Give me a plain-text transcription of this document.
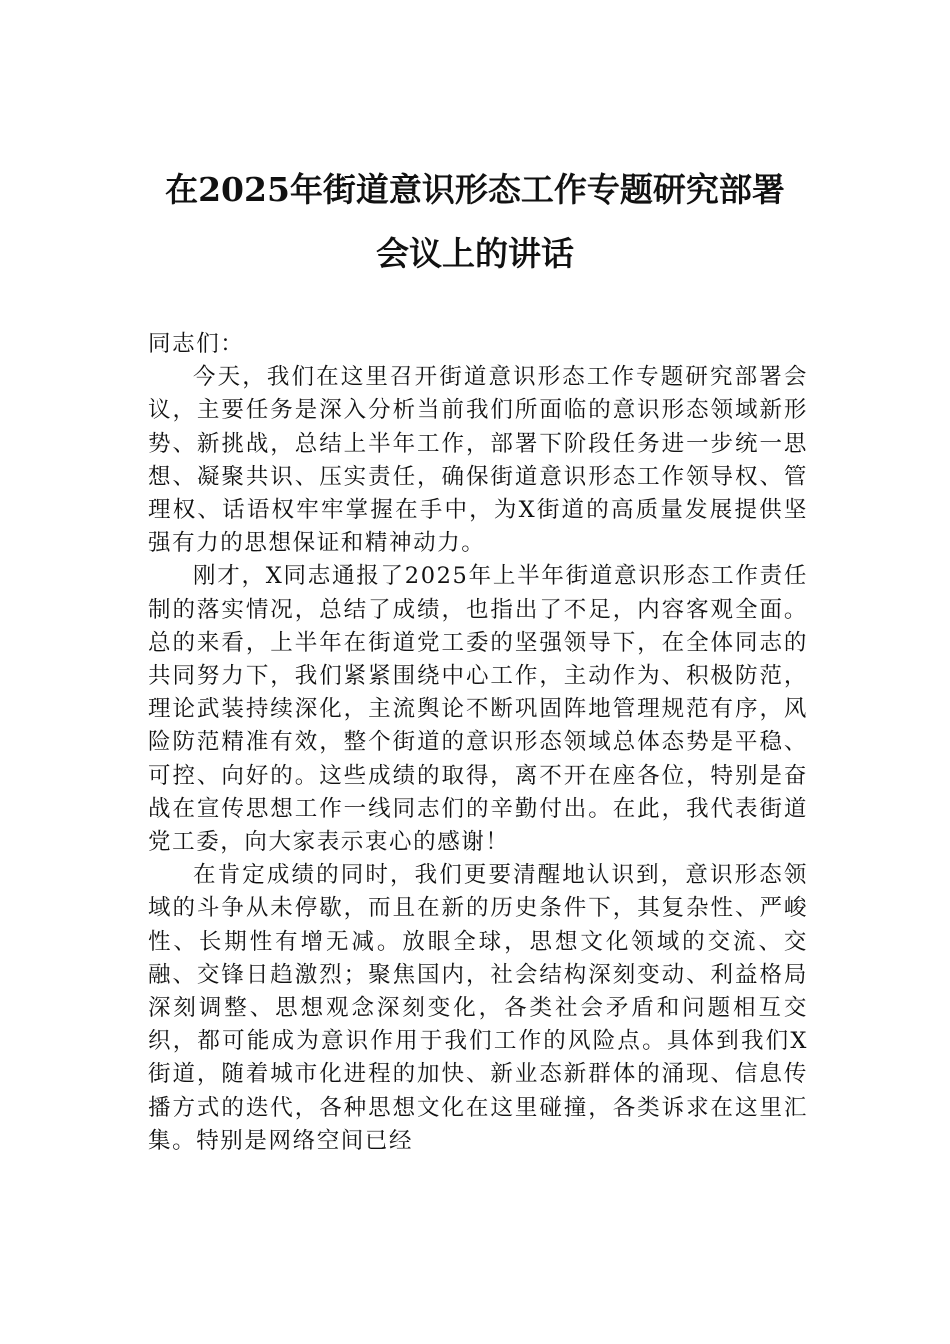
在2025年街道意识形态工作专题研究部署
会议上的讲话

同志们：

今天，我们在这里召开街道意识形态工作专题研究部署会议，主要任务是深入分析当前我们所面临的意识形态领域新形势、新挑战，总结上半年工作，部署下阶段任务进一步统一思想、凝聚共识、压实责任，确保街道意识形态工作领导权、管理权、话语权牢牢掌握在手中，为X街道的高质量发展提供坚强有力的思想保证和精神动力。

刚才，X同志通报了2025年上半年街道意识形态工作责任制的落实情况，总结了成绩，也指出了不足，内容客观全面。总的来看，上半年在街道党工委的坚强领导下，在全体同志的共同努力下，我们紧紧围绕中心工作，主动作为、积极防范，理论武装持续深化，主流舆论不断巩固阵地管理规范有序，风险防范精准有效，整个街道的意识形态领域总体态势是平稳、可控、向好的。这些成绩的取得，离不开在座各位，特别是奋战在宣传思想工作一线同志们的辛勤付出。在此，我代表街道党工委，向大家表示衷心的感谢！

在肯定成绩的同时，我们更要清醒地认识到，意识形态领域的斗争从未停歇，而且在新的历史条件下，其复杂性、严峻性、长期性有增无减。放眼全球，思想文化领域的交流、交融、交锋日趋激烈；聚焦国内，社会结构深刻变动、利益格局深刻调整、思想观念深刻变化，各类社会矛盾和问题相互交织，都可能成为意识作用于我们工作的风险点。具体到我们X街道，随着城市化进程的加快、新业态新群体的涌现、信息传播方式的迭代，各种思想文化在这里碰撞，各类诉求在这里汇集。特别是网络空间已经
